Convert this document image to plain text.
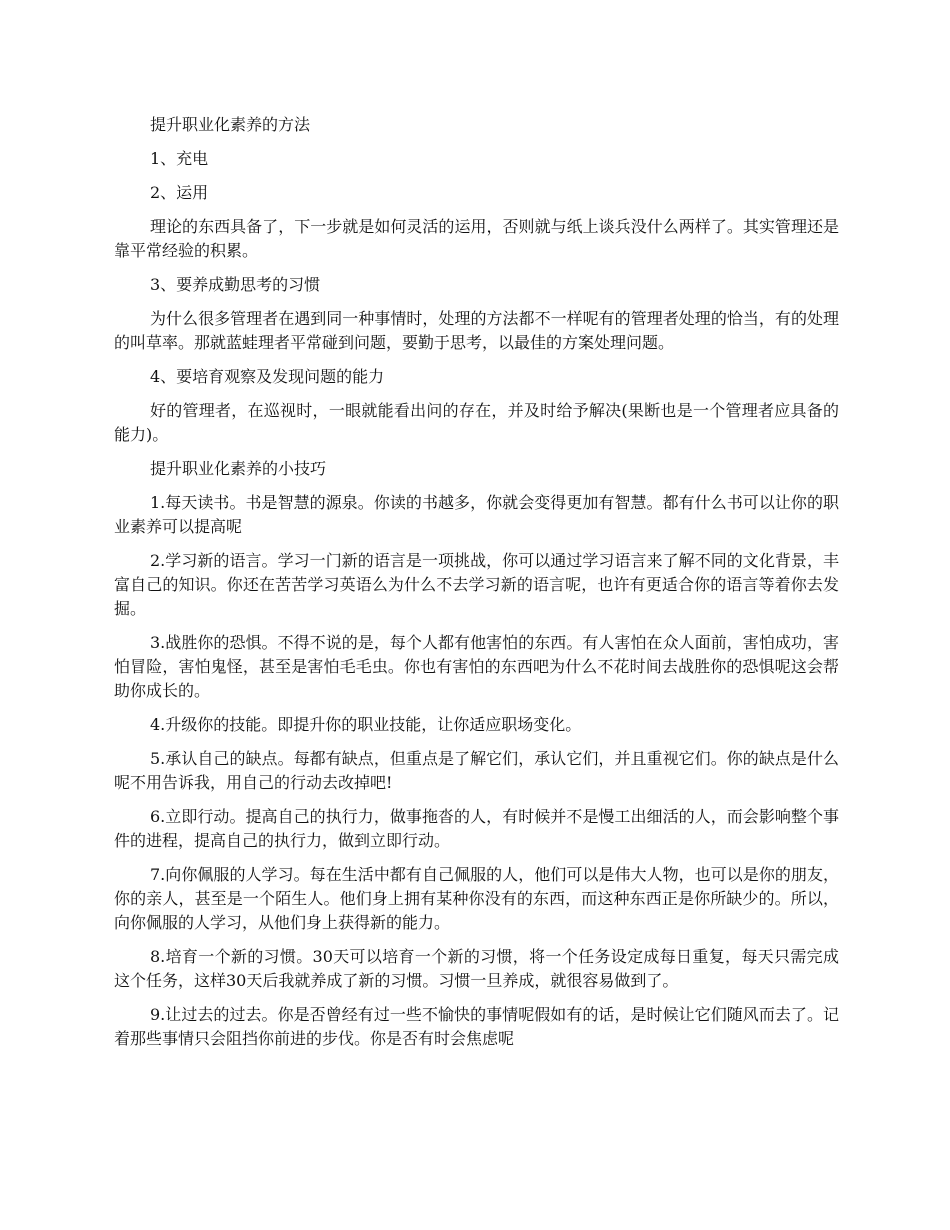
提升职业化素养的方法

1、充电

2、运用

理论的东西具备了，下一步就是如何灵活的运用，否则就与纸上谈兵没什么两样了。其实管理还是靠平常经验的积累。

3、要养成勤思考的习惯

为什么很多管理者在遇到同一种事情时，处理的方法都不一样呢有的管理者处理的恰当，有的处理的叫草率。那就蓝蛙理者平常碰到问题，要勤于思考，以最佳的方案处理问题。

4、要培育观察及发现问题的能力

好的管理者，在巡视时，一眼就能看出问的存在，并及时给予解决(果断也是一个管理者应具备的能力)。

提升职业化素养的小技巧

1.每天读书。书是智慧的源泉。你读的书越多，你就会变得更加有智慧。都有什么书可以让你的职业素养可以提高呢

2.学习新的语言。学习一门新的语言是一项挑战，你可以通过学习语言来了解不同的文化背景，丰富自己的知识。你还在苦苦学习英语么为什么不去学习新的语言呢，也许有更适合你的语言等着你去发掘。

3.战胜你的恐惧。不得不说的是，每个人都有他害怕的东西。有人害怕在众人面前，害怕成功，害怕冒险，害怕鬼怪，甚至是害怕毛毛虫。你也有害怕的东西吧为什么不花时间去战胜你的恐惧呢这会帮助你成长的。

4.升级你的技能。即提升你的职业技能，让你适应职场变化。

5.承认自己的缺点。每都有缺点，但重点是了解它们，承认它们，并且重视它们。你的缺点是什么呢不用告诉我，用自己的行动去改掉吧!

6.立即行动。提高自己的执行力，做事拖沓的人，有时候并不是慢工出细活的人，而会影响整个事件的进程，提高自己的执行力，做到立即行动。

7.向你佩服的人学习。每在生活中都有自己佩服的人，他们可以是伟大人物，也可以是你的朋友，你的亲人，甚至是一个陌生人。他们身上拥有某种你没有的东西，而这种东西正是你所缺少的。所以，向你佩服的人学习，从他们身上获得新的能力。

8.培育一个新的习惯。30天可以培育一个新的习惯，将一个任务设定成每日重复，每天只需完成这个任务，这样30天后我就养成了新的习惯。习惯一旦养成，就很容易做到了。

9.让过去的过去。你是否曾经有过一些不愉快的事情呢假如有的话，是时候让它们随风而去了。记着那些事情只会阻挡你前进的步伐。你是否有时会焦虑呢
